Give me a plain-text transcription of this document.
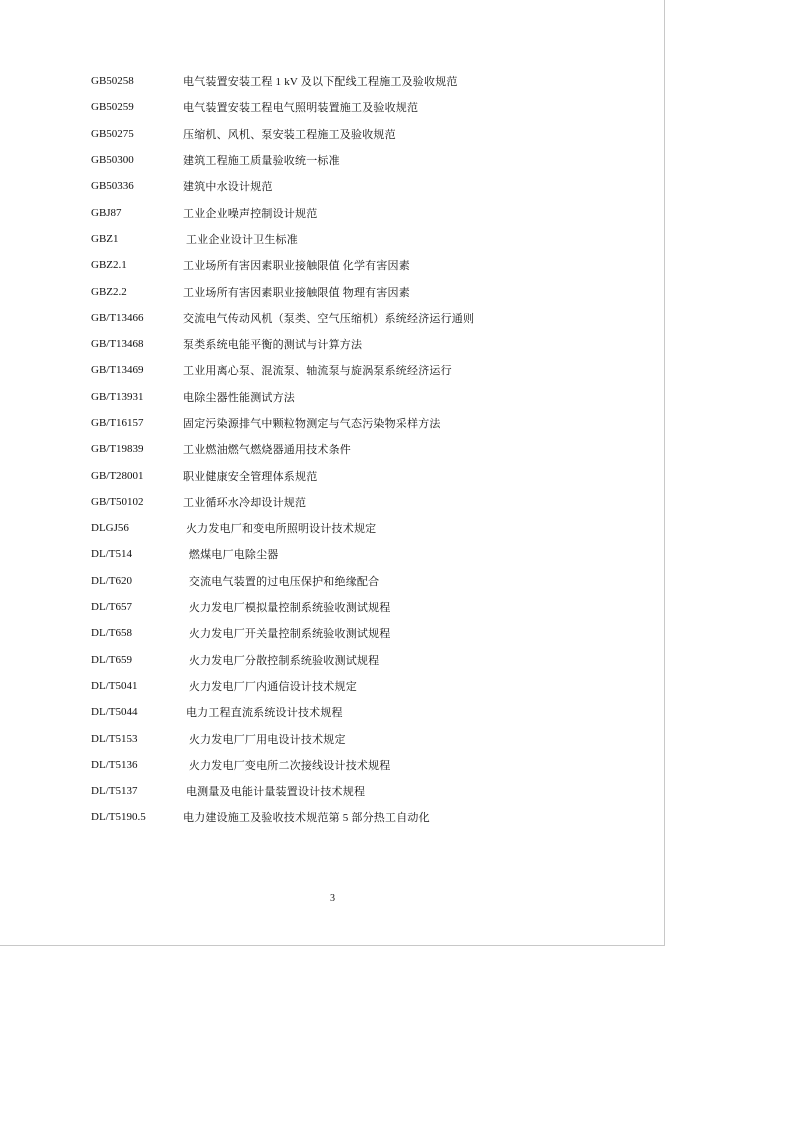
GB50258	电气装置安装工程 1 kV 及以下配线工程施工及验收规范
GB50259	电气装置安装工程电气照明装置施工及验收规范
GB50275	压缩机、风机、泵安装工程施工及验收规范
GB50300	建筑工程施工质量验收统一标准
GB50336	建筑中水设计规范
GBJ87	工业企业噪声控制设计规范
GBZ1	工业企业设计卫生标准
GBZ2.1	工业场所有害因素职业接触限值 化学有害因素
GBZ2.2	工业场所有害因素职业接触限值 物理有害因素
GB/T13466	交流电气传动风机（泵类、空气压缩机）系统经济运行通则
GB/T13468	泵类系统电能平衡的测试与计算方法
GB/T13469	工业用离心泵、混流泵、轴流泵与旋涡泵系统经济运行
GB/T13931	电除尘器性能测试方法
GB/T16157	固定污染源排气中颗粒物测定与气态污染物采样方法
GB/T19839	工业燃油燃气燃烧器通用技术条件
GB/T28001	职业健康安全管理体系规范
GB/T50102	工业循环水冷却设计规范
DLGJ56	火力发电厂和变电所照明设计技术规定
DL/T514	燃煤电厂电除尘器
DL/T620	交流电气装置的过电压保护和绝缘配合
DL/T657	火力发电厂模拟量控制系统验收测试规程
DL/T658	火力发电厂开关量控制系统验收测试规程
DL/T659	火力发电厂分散控制系统验收测试规程
DL/T5041	火力发电厂厂内通信设计技术规定
DL/T5044	电力工程直流系统设计技术规程
DL/T5153	火力发电厂厂用电设计技术规定
DL/T5136	火力发电厂变电所二次接线设计技术规程
DL/T5137	电测量及电能计量装置设计技术规程
DL/T5190.5	电力建设施工及验收技术规范第 5 部分热工自动化
3
